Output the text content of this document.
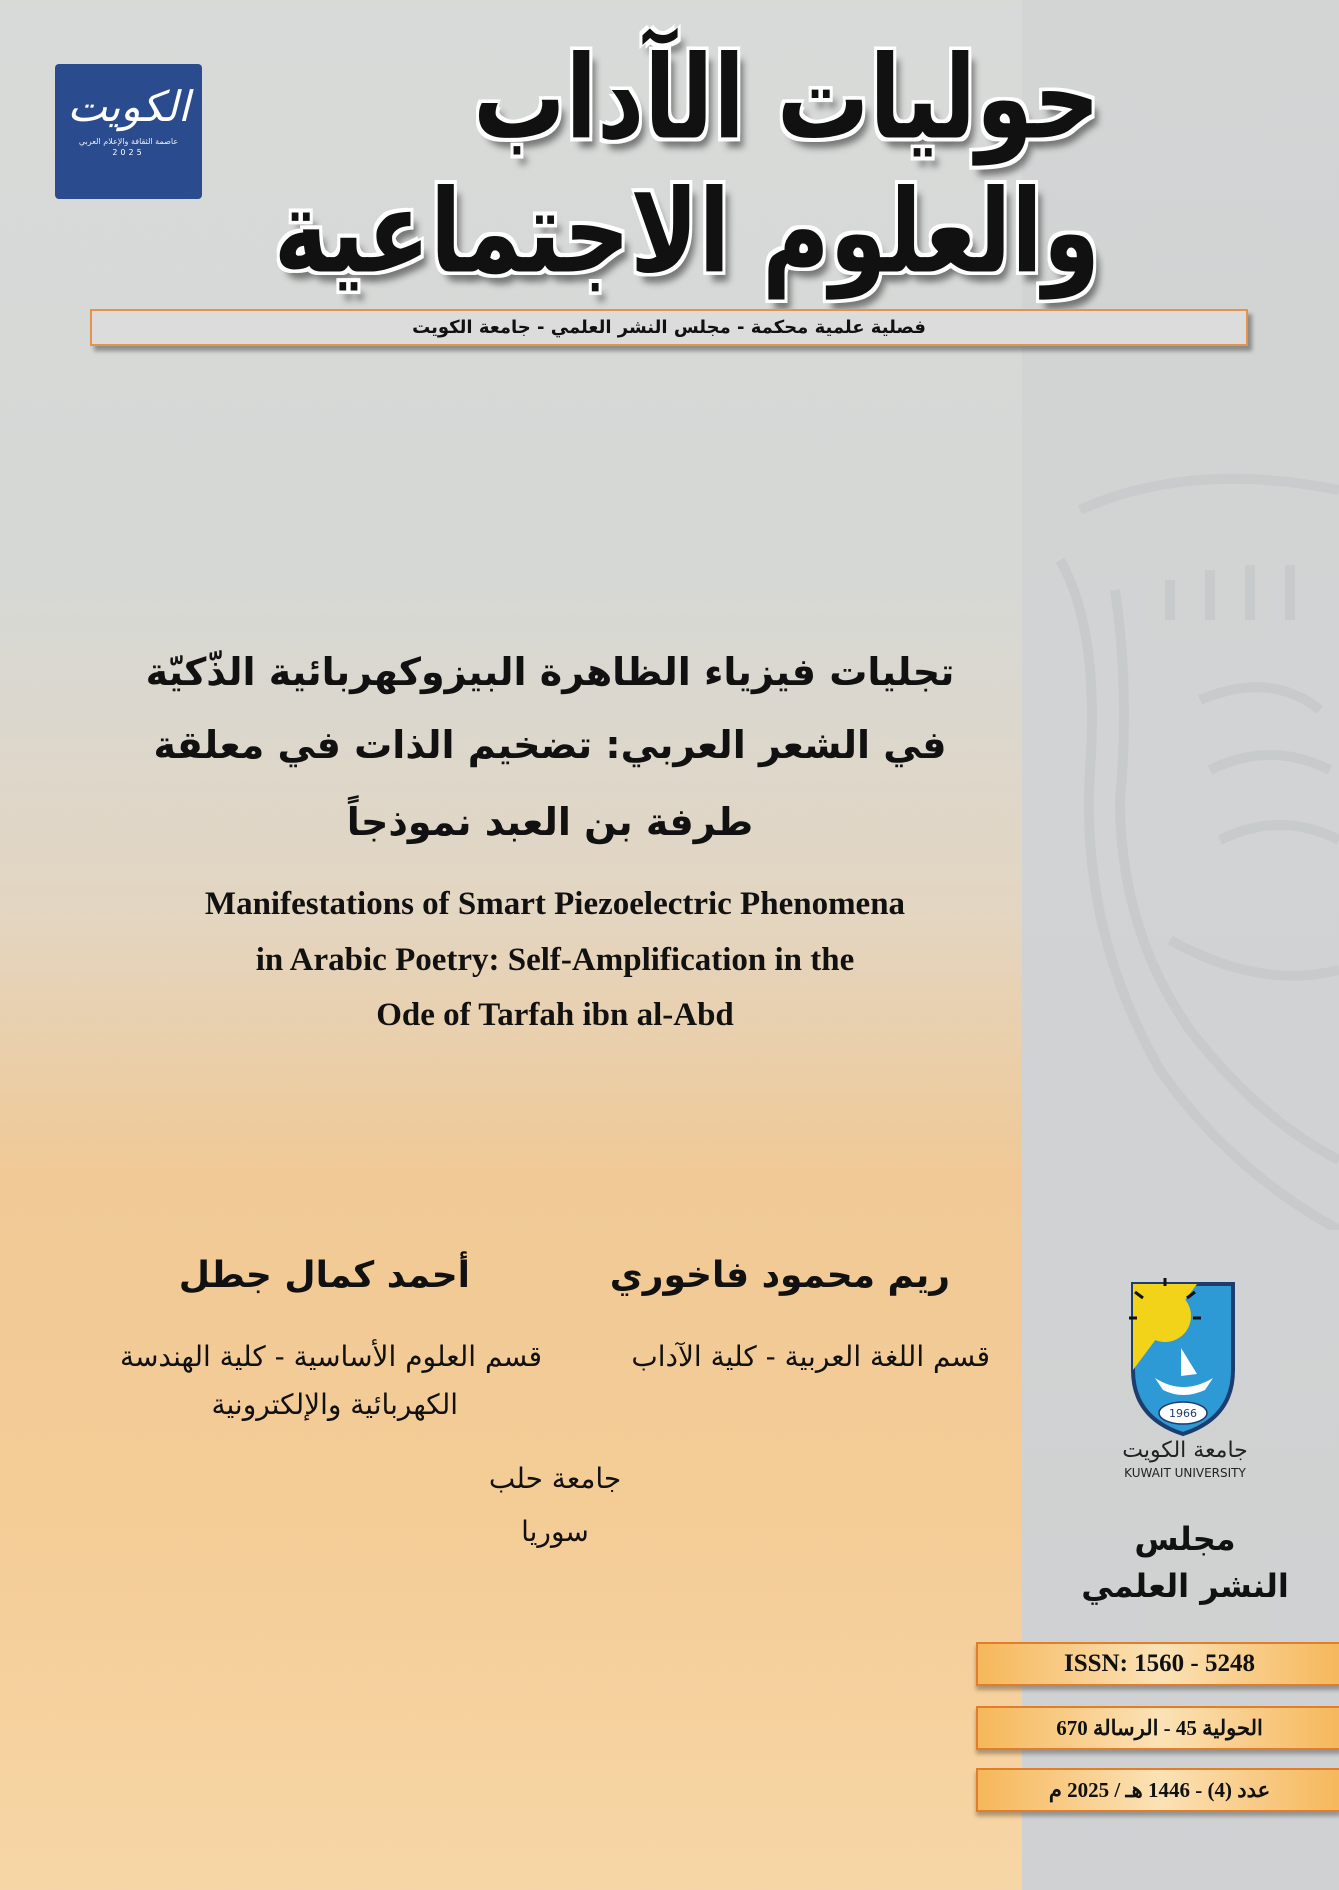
الكويت
عاصمة الثقافة والإعلام العربي
2025	حوليات الآداب والعلوم الاجتماعية
فصلية علمية محكمة - مجلس النشر العلمي - جامعة الكويت
تجليات فيزياء الظاهرة البيزوكهربائية الذّكيّة
في الشعر العربي: تضخيم الذات في معلقة
طرفة بن العبد نموذجاً
Manifestations of Smart Piezoelectric Phenomena
in Arabic Poetry: Self-Amplification in the
Ode of Tarfah ibn al-Abd
ريم محمود فاخوري
قسم اللغة العربية - كلية الآداب
أحمد كمال جطل
قسم العلوم الأساسية - كلية الهندسة
الكهربائية والإلكترونية
جامعة حلب
سوريا
1966
جامعة الكويت
KUWAIT UNIVERSITY
مجلس
النشر العلمي
ISSN: 1560 - 5248
الحولية 45 - الرسالة 670
عدد (4) - 1446 هـ / 2025 م
